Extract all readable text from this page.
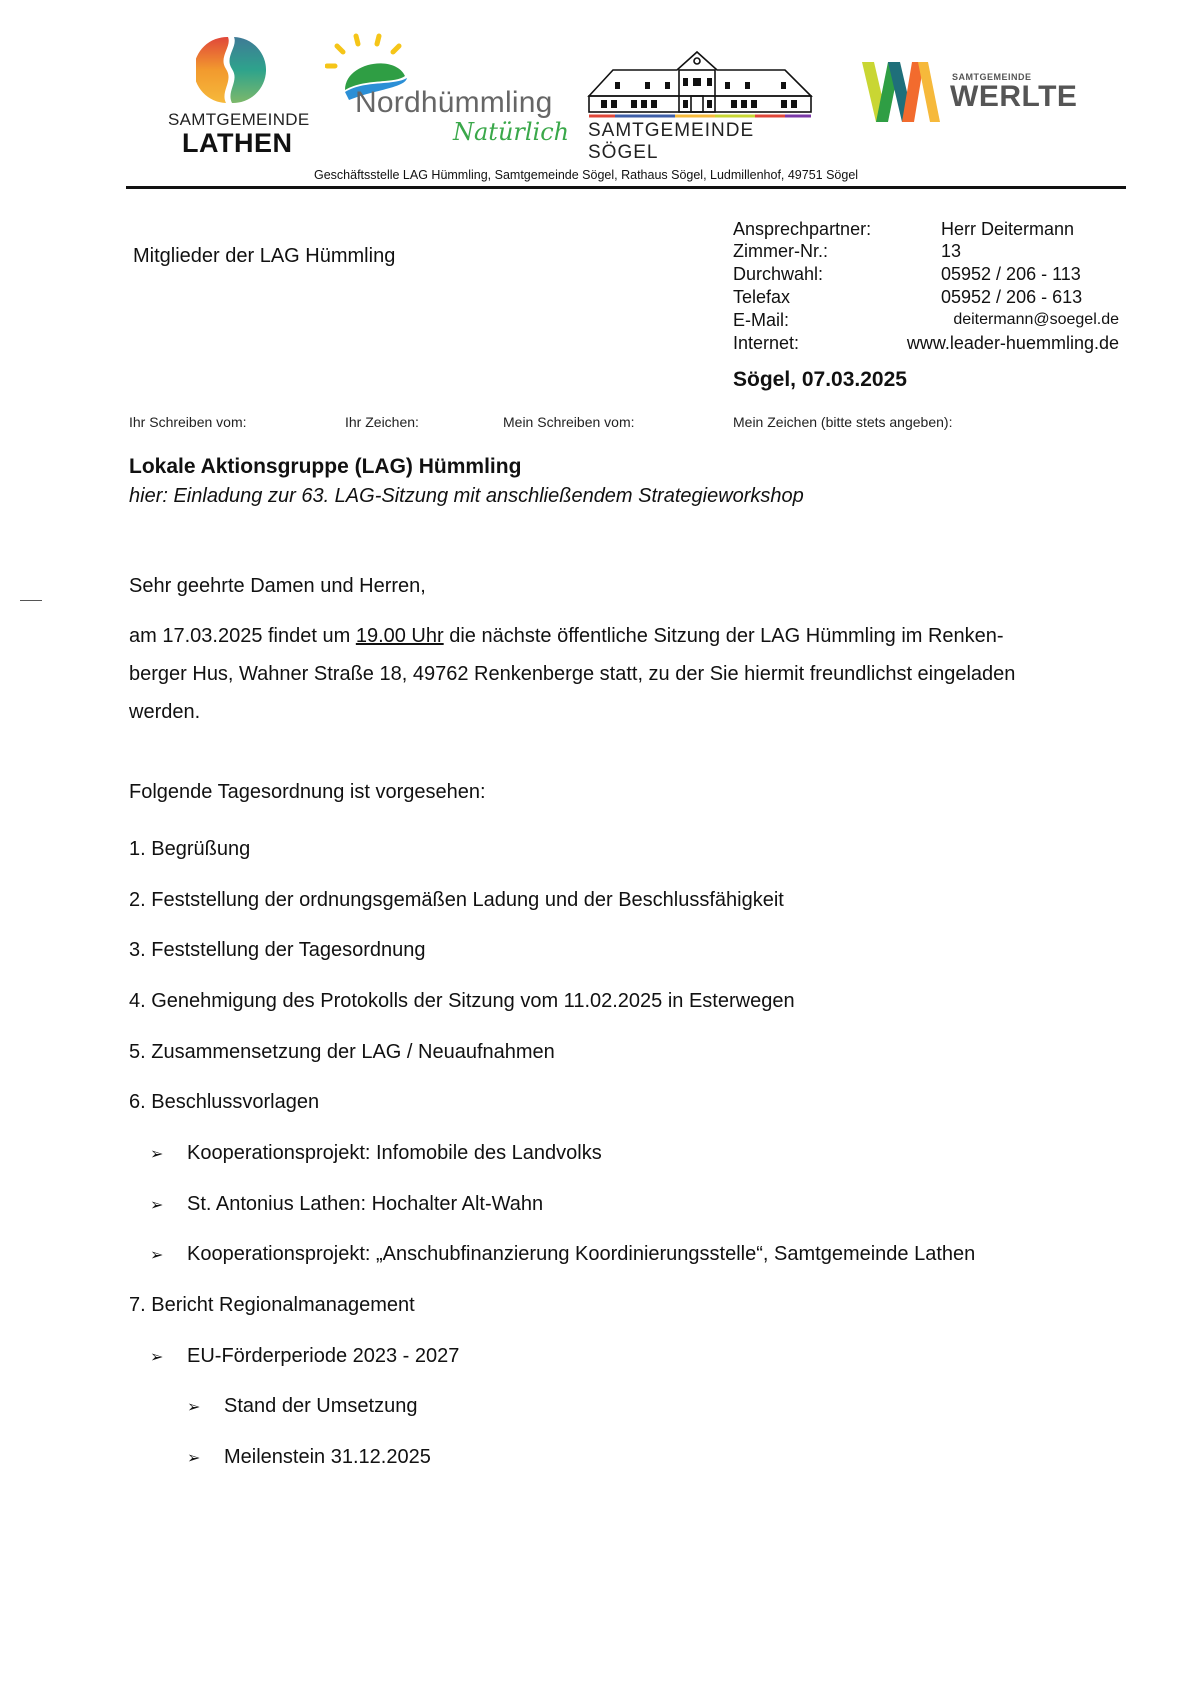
SAMTGEMEINDE
LATHEN
Nordhümmling
Natürlich SAMTGEMEINDE SÖGEL
SAMTGEMEINDE
WERLTE
Geschäftsstelle LAG Hümmling, Samtgemeinde Sögel, Rathaus Sögel, Ludmillenhof, 49751 Sögel
Mitglieder der LAG Hümmling
Ansprechpartner:	Herr Deitermann
Zimmer-Nr.:	13
Durchwahl:	05952 / 206 - 113
Telefax	05952 / 206 - 613
E-Mail:	deitermann@soegel.de
Internet:	www.leader-huemmling.de
Sögel, 07.03.2025
Ihr Schreiben vom:	Ihr Zeichen:	Mein Schreiben vom:	Mein Zeichen (bitte stets angeben):
Lokale Aktionsgruppe (LAG) Hümmling
hier: Einladung zur 63. LAG-Sitzung mit anschließendem Strategieworkshop
Sehr geehrte Damen und Herren,
am 17.03.2025 findet um 19.00 Uhr die nächste öffentliche Sitzung der LAG Hümmling im Renken-
berger Hus, Wahner Straße 18, 49762 Renkenberge statt, zu der Sie hiermit freundlichst eingeladen
werden.
Folgende Tagesordnung ist vorgesehen:
1. Begrüßung
2. Feststellung der ordnungsgemäßen Ladung und der Beschlussfähigkeit
3. Feststellung der Tagesordnung
4. Genehmigung des Protokolls der Sitzung vom 11.02.2025 in Esterwegen
5. Zusammensetzung der LAG / Neuaufnahmen
6. Beschlussvorlagen
➢ Kooperationsprojekt: Infomobile des Landvolks
➢ St. Antonius Lathen: Hochalter Alt-Wahn
➢ Kooperationsprojekt: „Anschubfinanzierung Koordinierungsstelle“, Samtgemeinde Lathen
7. Bericht Regionalmanagement
➢ EU-Förderperiode 2023 - 2027
➢ Stand der Umsetzung
➢ Meilenstein 31.12.2025
